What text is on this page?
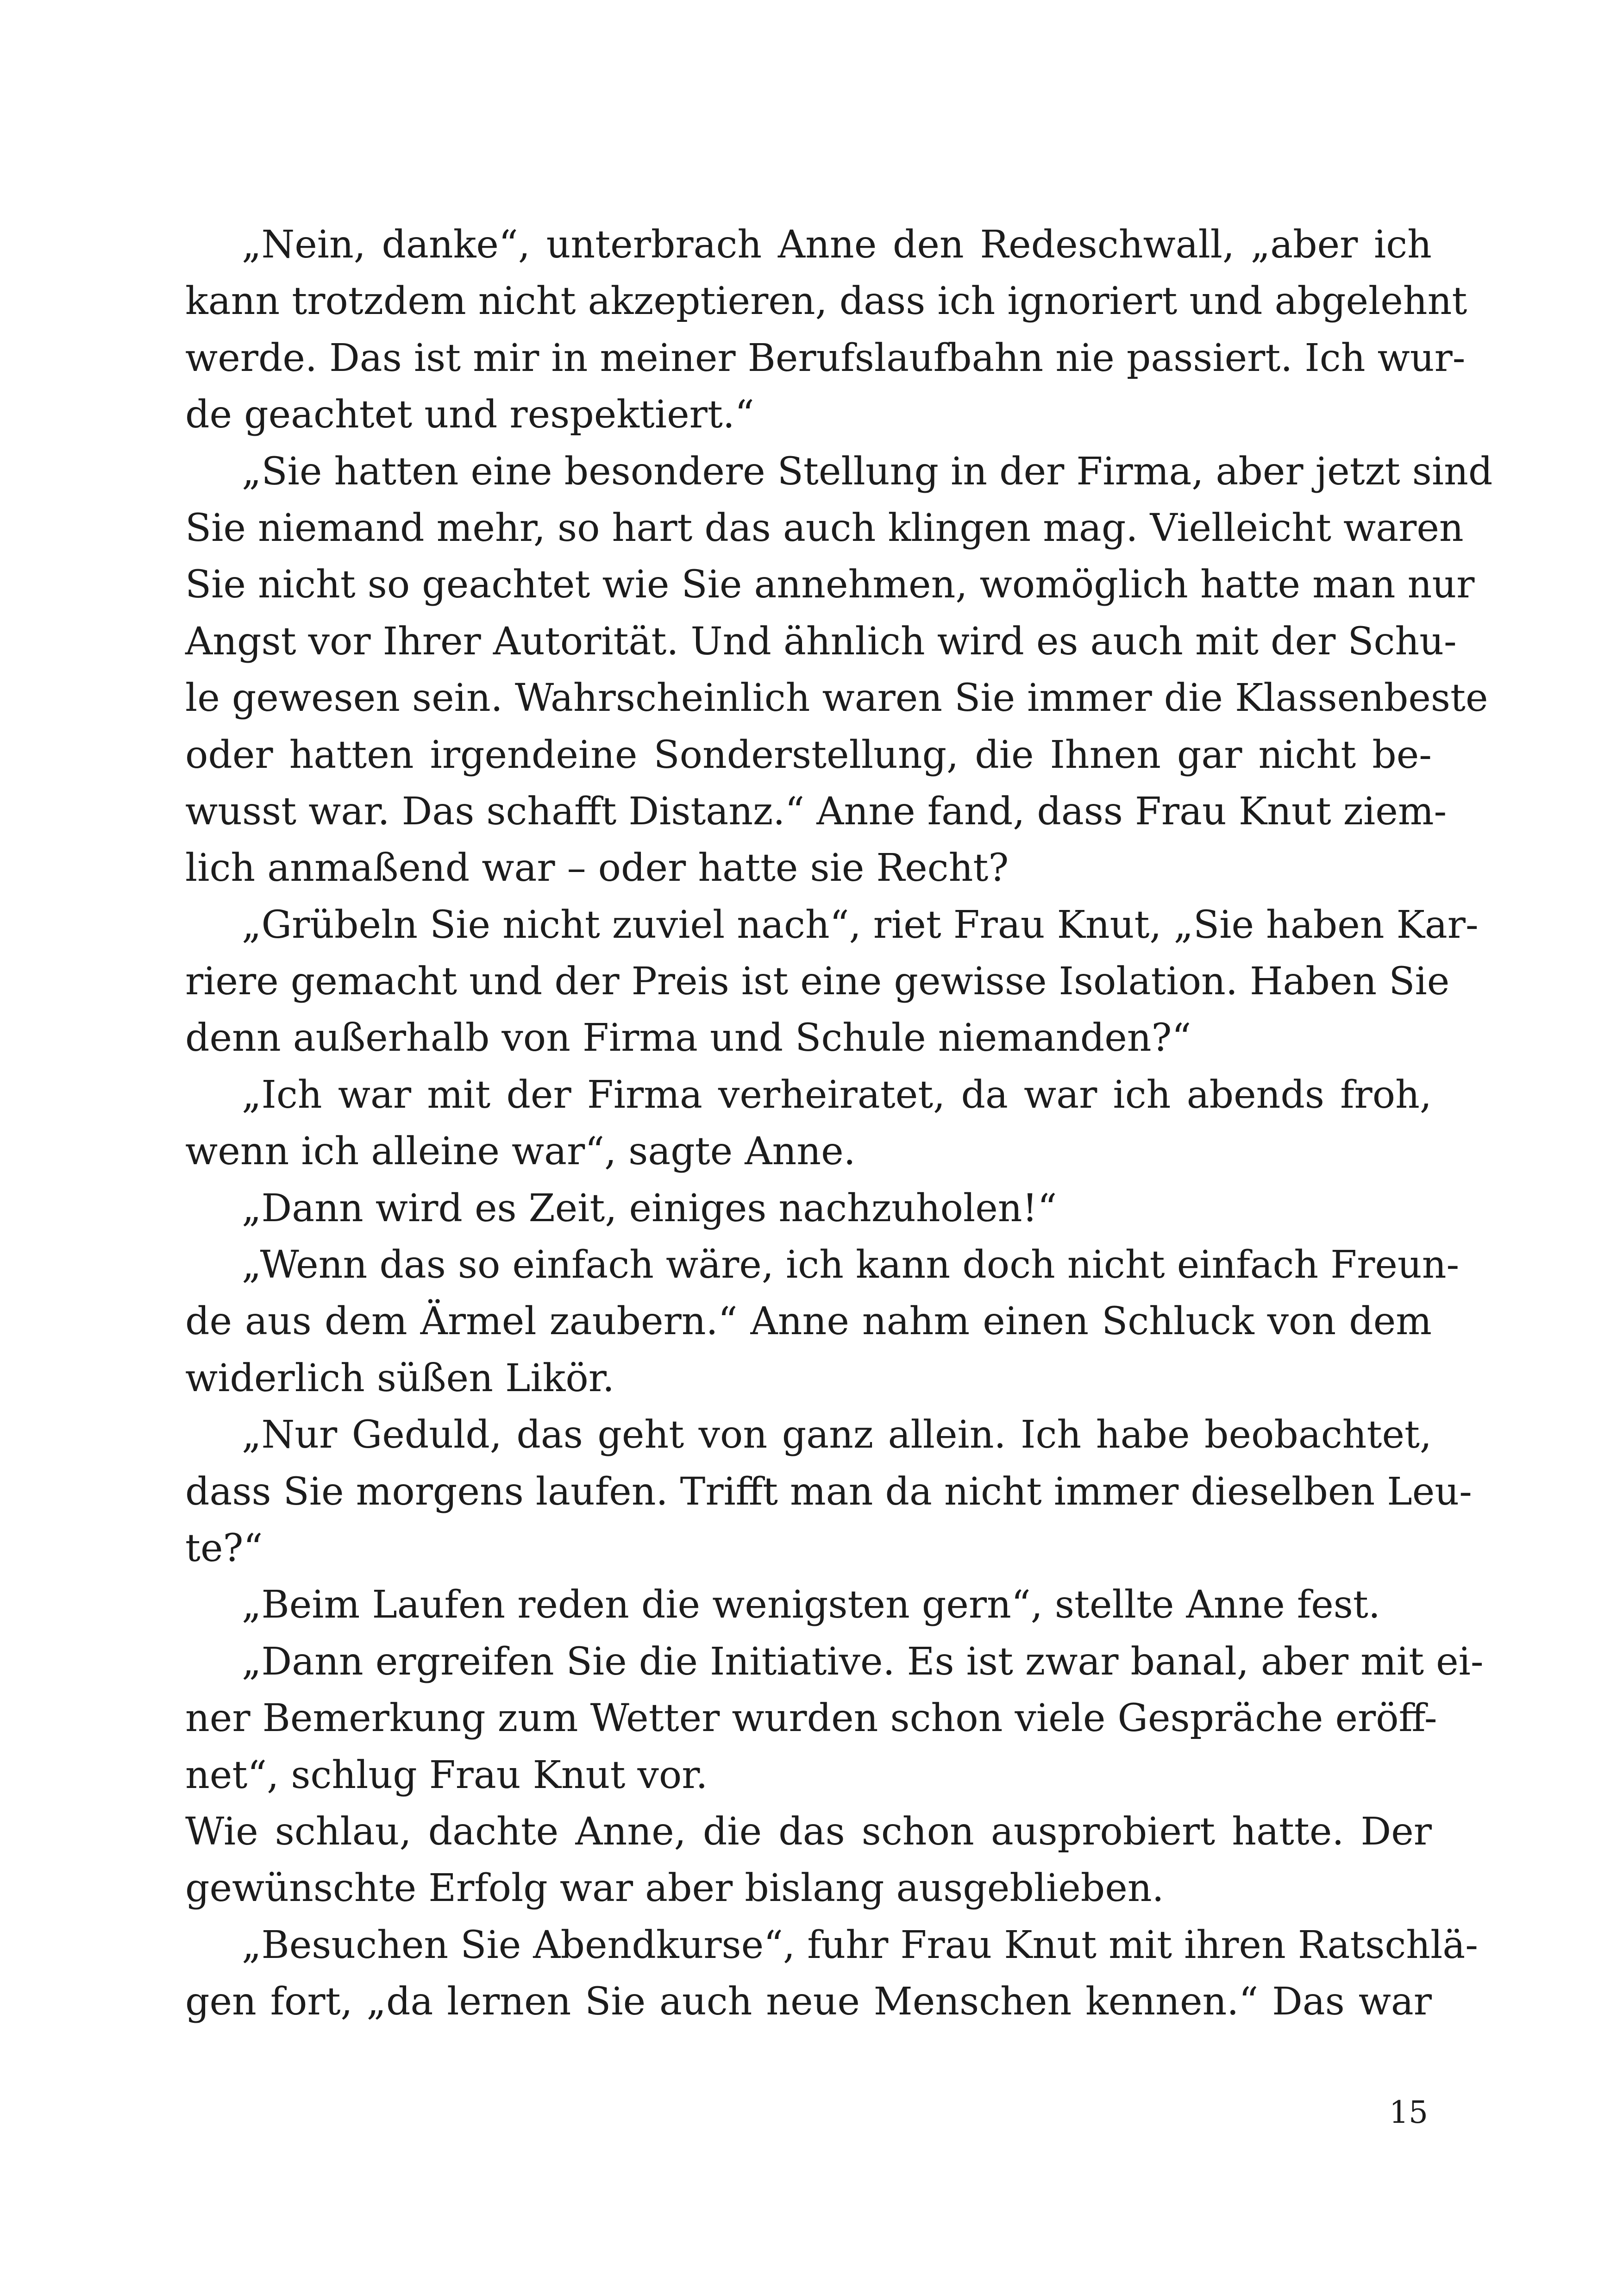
„Nein, danke“, unterbrach Anne den Redeschwall, „aber ich
kann trotzdem nicht akzeptieren, dass ich ignoriert und abgelehnt
werde. Das ist mir in meiner Berufslaufbahn nie passiert. Ich wur-
de geachtet und respektiert.“
„Sie hatten eine besondere Stellung in der Firma, aber jetzt sind
Sie niemand mehr, so hart das auch klingen mag. Vielleicht waren
Sie nicht so geachtet wie Sie annehmen, womöglich hatte man nur
Angst vor Ihrer Autorität. Und ähnlich wird es auch mit der Schu-
le gewesen sein. Wahrscheinlich waren Sie immer die Klassenbeste
oder hatten irgendeine Sonderstellung, die Ihnen gar nicht be-
wusst war. Das schafft Distanz.“ Anne fand, dass Frau Knut ziem-
lich anmaßend war – oder hatte sie Recht?
„Grübeln Sie nicht zuviel nach“, riet Frau Knut, „Sie haben Kar-
riere gemacht und der Preis ist eine gewisse Isolation. Haben Sie
denn außerhalb von Firma und Schule niemanden?“
„Ich war mit der Firma verheiratet, da war ich abends froh,
wenn ich alleine war“, sagte Anne.
„Dann wird es Zeit, einiges nachzuholen!“
„Wenn das so einfach wäre, ich kann doch nicht einfach Freun-
de aus dem Ärmel zaubern.“ Anne nahm einen Schluck von dem
widerlich süßen Likör.
„Nur Geduld, das geht von ganz allein. Ich habe beobachtet,
dass Sie morgens laufen. Trifft man da nicht immer dieselben Leu-
te?“
„Beim Laufen reden die wenigsten gern“, stellte Anne fest.
„Dann ergreifen Sie die Initiative. Es ist zwar banal, aber mit ei-
ner Bemerkung zum Wetter wurden schon viele Gespräche eröff-
net“, schlug Frau Knut vor.
Wie schlau, dachte Anne, die das schon ausprobiert hatte. Der
gewünschte Erfolg war aber bislang ausgeblieben.
„Besuchen Sie Abendkurse“, fuhr Frau Knut mit ihren Ratschlä-
gen fort, „da lernen Sie auch neue Menschen kennen.“ Das war
15
